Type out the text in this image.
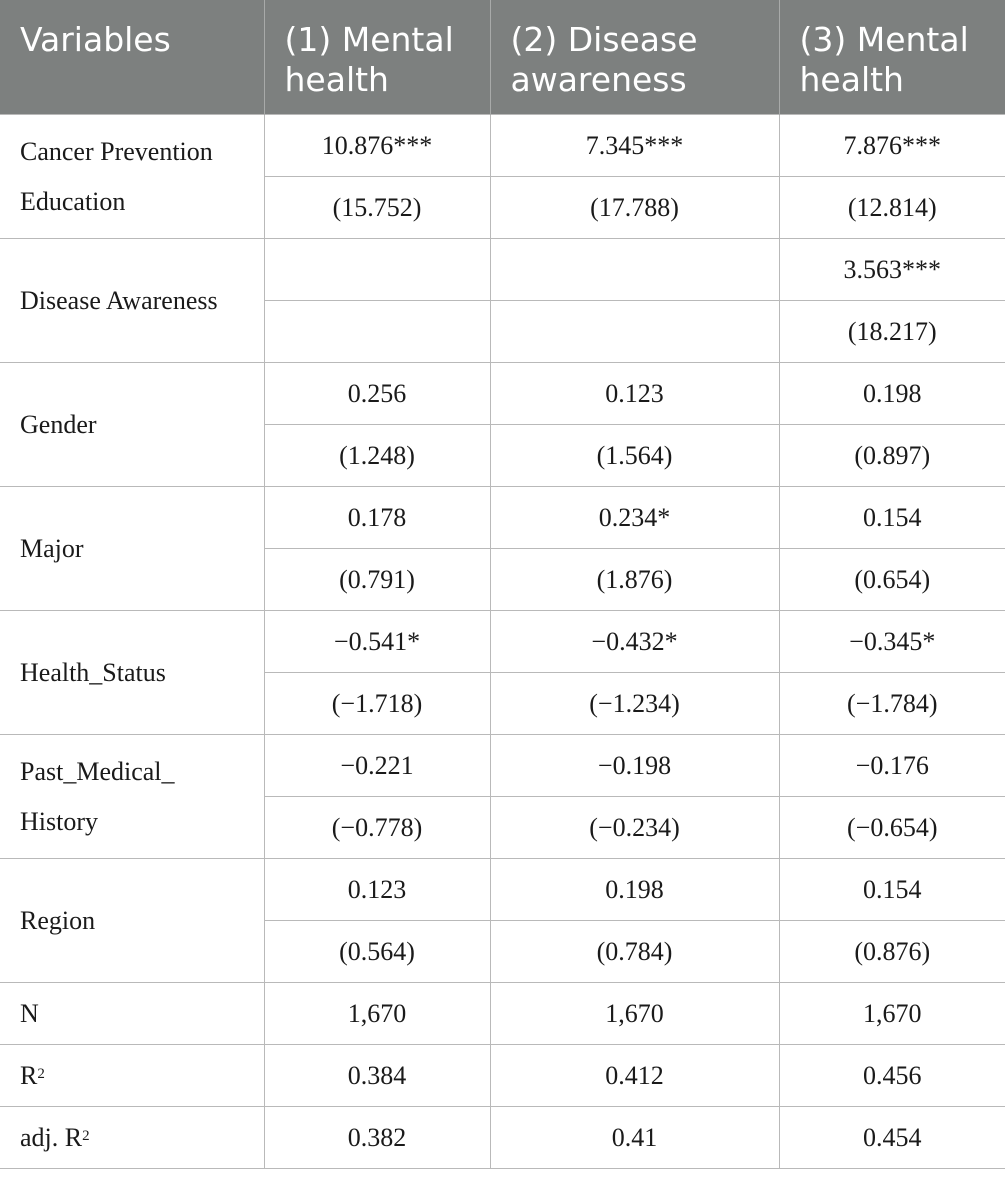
Variables	(1) Mental health	(2) Disease awareness	(3) Mental health
Cancer Prevention Education	10.876***	7.345***	7.876***
	(15.752)	(17.788)	(12.814)
Disease Awareness			3.563***
			(18.217)
Gender	0.256	0.123	0.198
	(1.248)	(1.564)	(0.897)
Major	0.178	0.234*	0.154
	(0.791)	(1.876)	(0.654)
Health_Status	−0.541*	−0.432*	−0.345*
	(−1.718)	(−1.234)	(−1.784)
Past_Medical_ History	−0.221	−0.198	−0.176
	(−0.778)	(−0.234)	(−0.654)
Region	0.123	0.198	0.154
	(0.564)	(0.784)	(0.876)
N	1,670	1,670	1,670
$R^2$	0.384	0.412	0.456
adj. $R^2$	0.382	0.41	0.454
